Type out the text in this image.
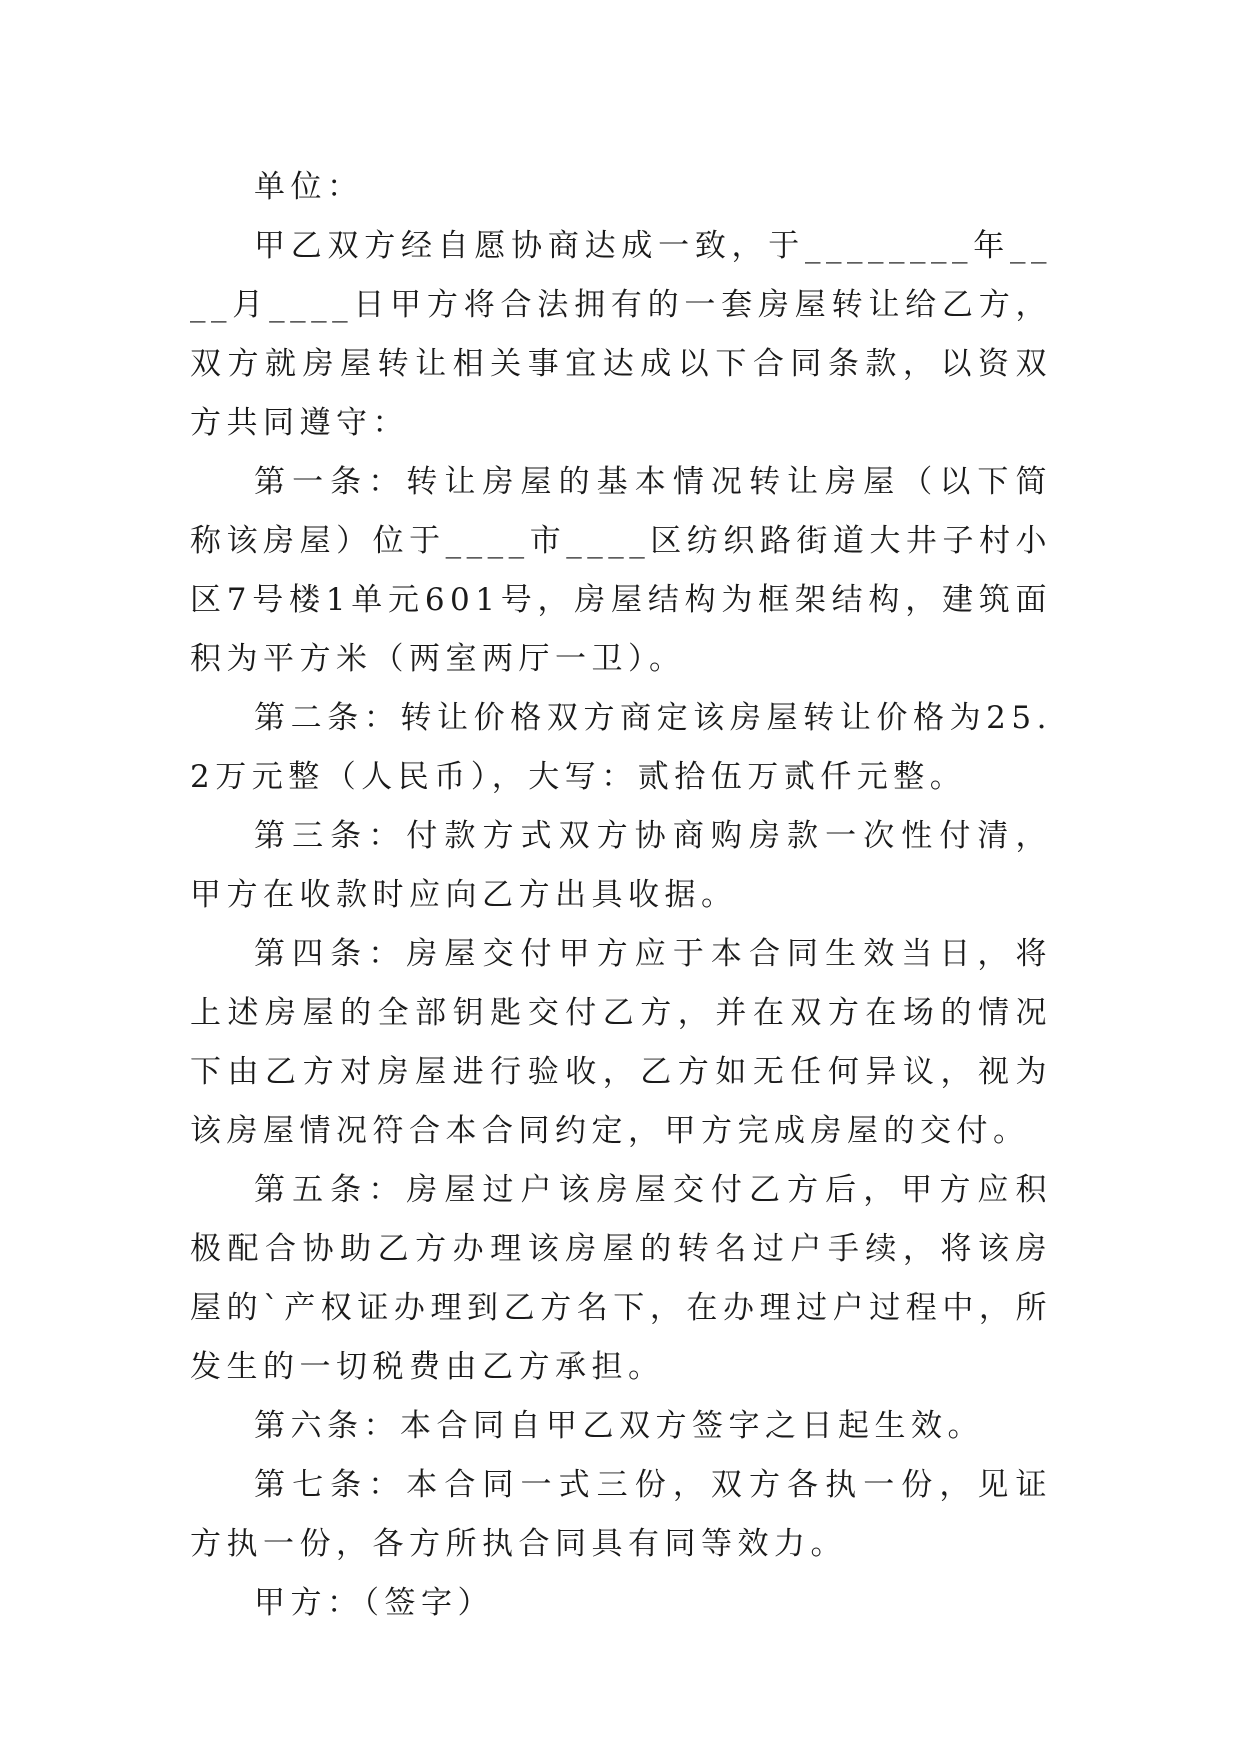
单位：

甲乙双方经自愿协商达成一致，于________年____月____日甲方将合法拥有的一套房屋转让给乙方，双方就房屋转让相关事宜达成以下合同条款，以资双方共同遵守：

第一条：转让房屋的基本情况转让房屋（以下简称该房屋）位于____市____区纺织路街道大井子村小区7号楼1单元601号，房屋结构为框架结构，建筑面积为平方米（两室两厅一卫）。

第二条：转让价格双方商定该房屋转让价格为25.2万元整（人民币），大写：贰拾伍万贰仟元整。

第三条：付款方式双方协商购房款一次性付清，甲方在收款时应向乙方出具收据。

第四条：房屋交付甲方应于本合同生效当日，将上述房屋的全部钥匙交付乙方，并在双方在场的情况下由乙方对房屋进行验收，乙方如无任何异议，视为该房屋情况符合本合同约定，甲方完成房屋的交付。

第五条：房屋过户该房屋交付乙方后，甲方应积极配合协助乙方办理该房屋的转名过户手续，将该房屋的`产权证办理到乙方名下，在办理过户过程中，所发生的一切税费由乙方承担。

第六条：本合同自甲乙双方签字之日起生效。

第七条：本合同一式三份，双方各执一份，见证方执一份，各方所执合同具有同等效力。

甲方：（签字）
